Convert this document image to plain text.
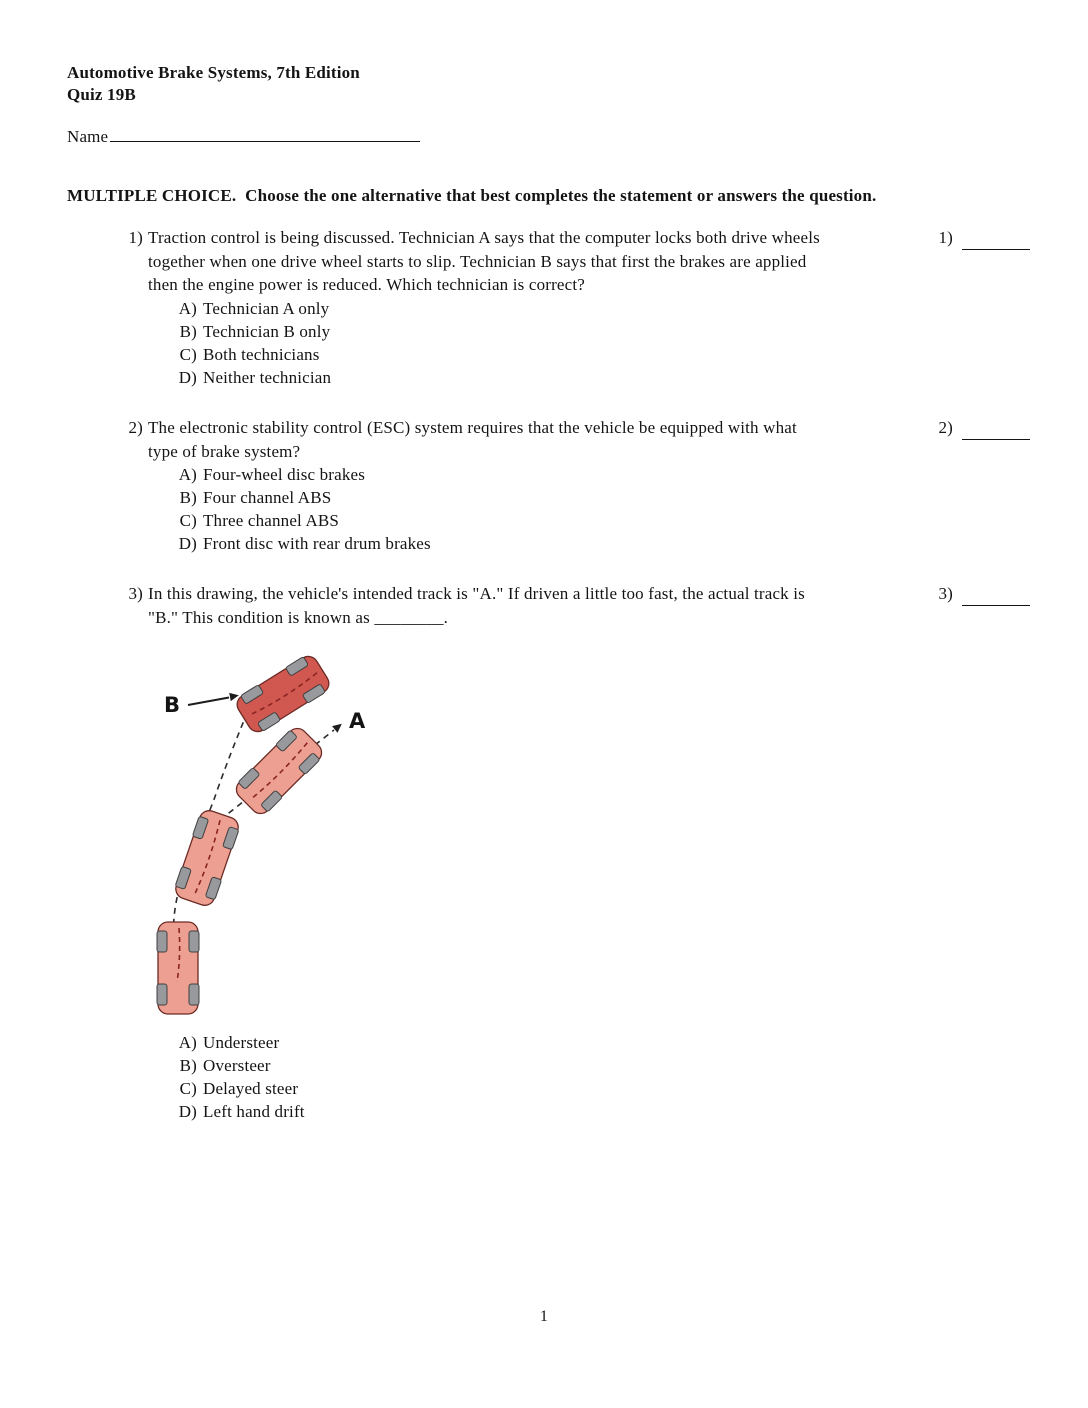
Automotive Brake Systems, 7th Edition
Quiz 19B
Name
MULTIPLE CHOICE.  Choose the one alternative that best completes the statement or answers the question.
1) Traction control is being discussed. Technician A says that the computer locks both drive wheels
together when one drive wheel starts to slip. Technician B says that first the brakes are applied
then the engine power is reduced. Which technician is correct?
A) Technician A only
B) Technician B only
C) Both technicians
D) Neither technician
1)
2) The electronic stability control (ESC) system requires that the vehicle be equipped with what
type of brake system?
A) Four-wheel disc brakes
B) Four channel ABS
C) Three channel ABS
D) Front disc with rear drum brakes
2)
3) In this drawing, the vehicle's intended track is "A." If driven a little too fast, the actual track is
"B." This condition is known as ________.
3)
B
A
A) Understeer
B) Oversteer
C) Delayed steer
D) Left hand drift
1
